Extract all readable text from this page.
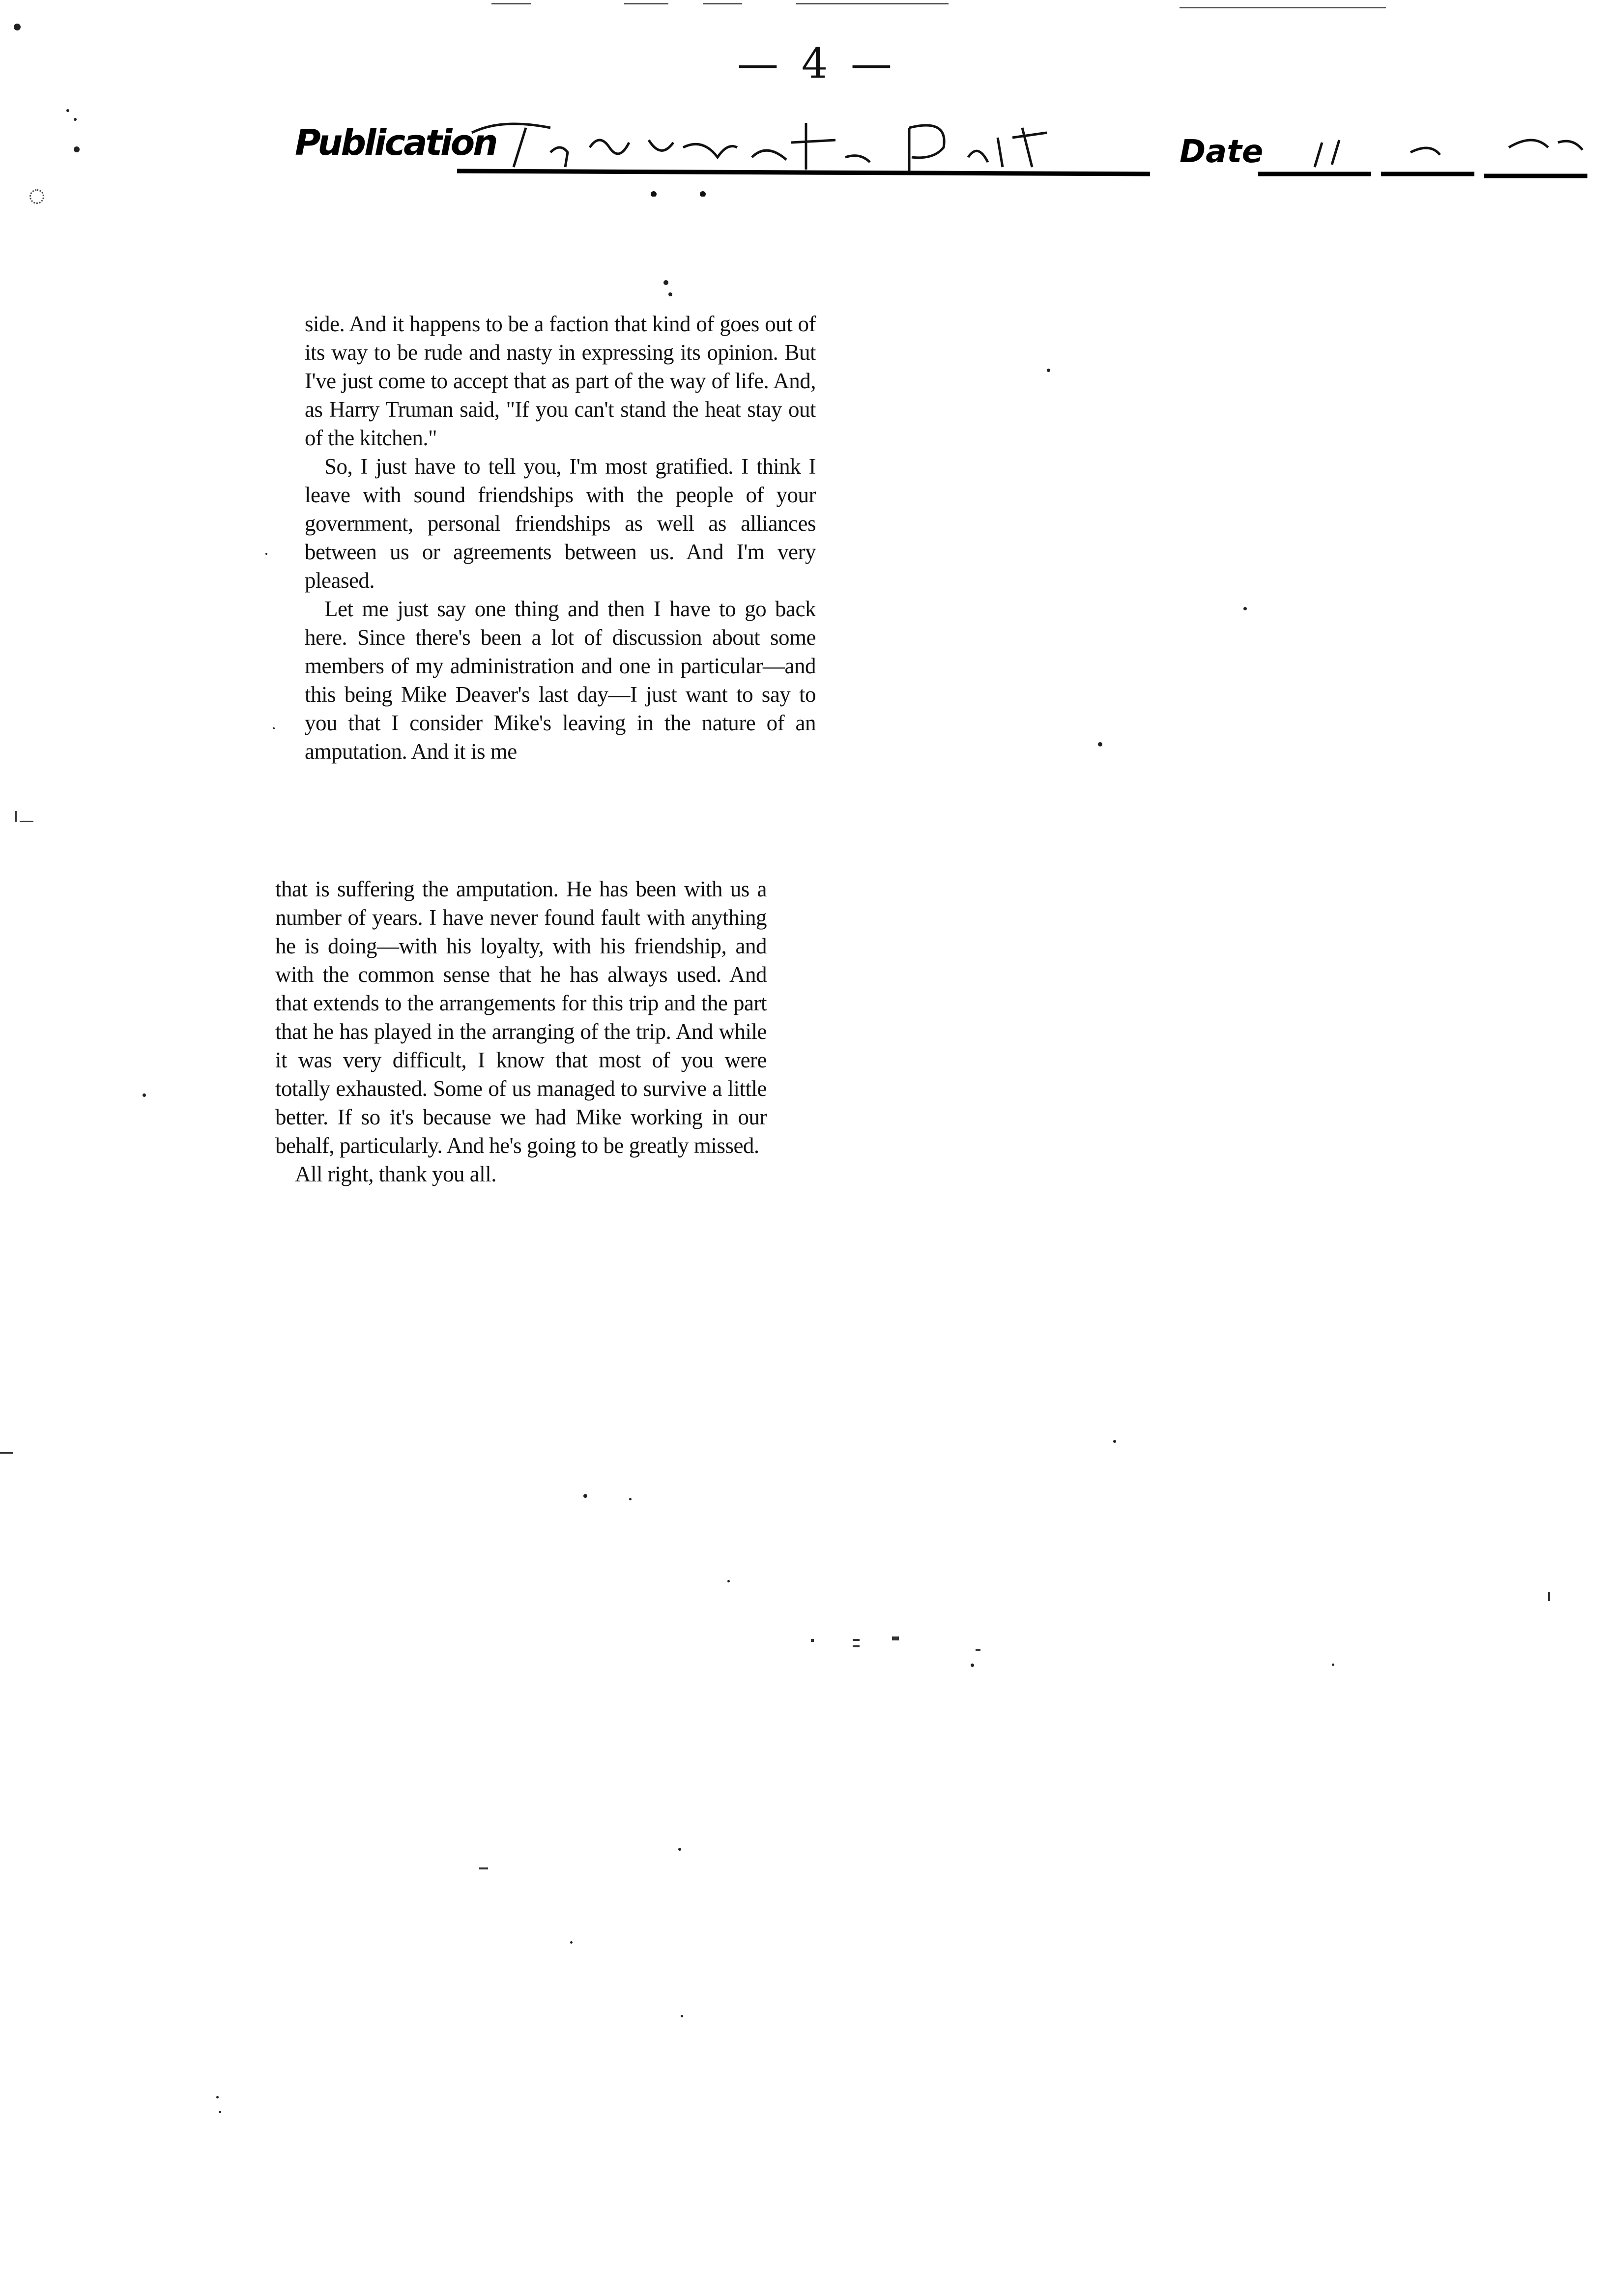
— 4 —
Publication	Date

side. And it happens to be a faction that kind of goes out of its way to be rude and nasty in expressing its opinion. But I've just come to accept that as part of the way of life. And, as Harry Truman said, "If you can't stand the heat stay out of the kitchen."

So, I just have to tell you, I'm most gratified. I think I leave with sound friendships with the people of your government, personal friendships as well as alliances between us or agreements between us. And I'm very pleased.

Let me just say one thing and then I have to go back here. Since there's been a lot of discussion about some members of my administration and one in particular—and this being Mike Deaver's last day—I just want to say to you that I consider Mike's leaving in the nature of an amputation. And it is me

that is suffering the amputation. He has been with us a number of years. I have never found fault with anything he is doing—with his loyalty, with his friendship, and with the common sense that he has always used. And that extends to the arrangements for this trip and the part that he has played in the arranging of the trip. And while it was very difficult, I know that most of you were totally exhausted. Some of us managed to survive a little better. If so it's because we had Mike working in our behalf, particularly. And he's going to be greatly missed.

All right, thank you all.
